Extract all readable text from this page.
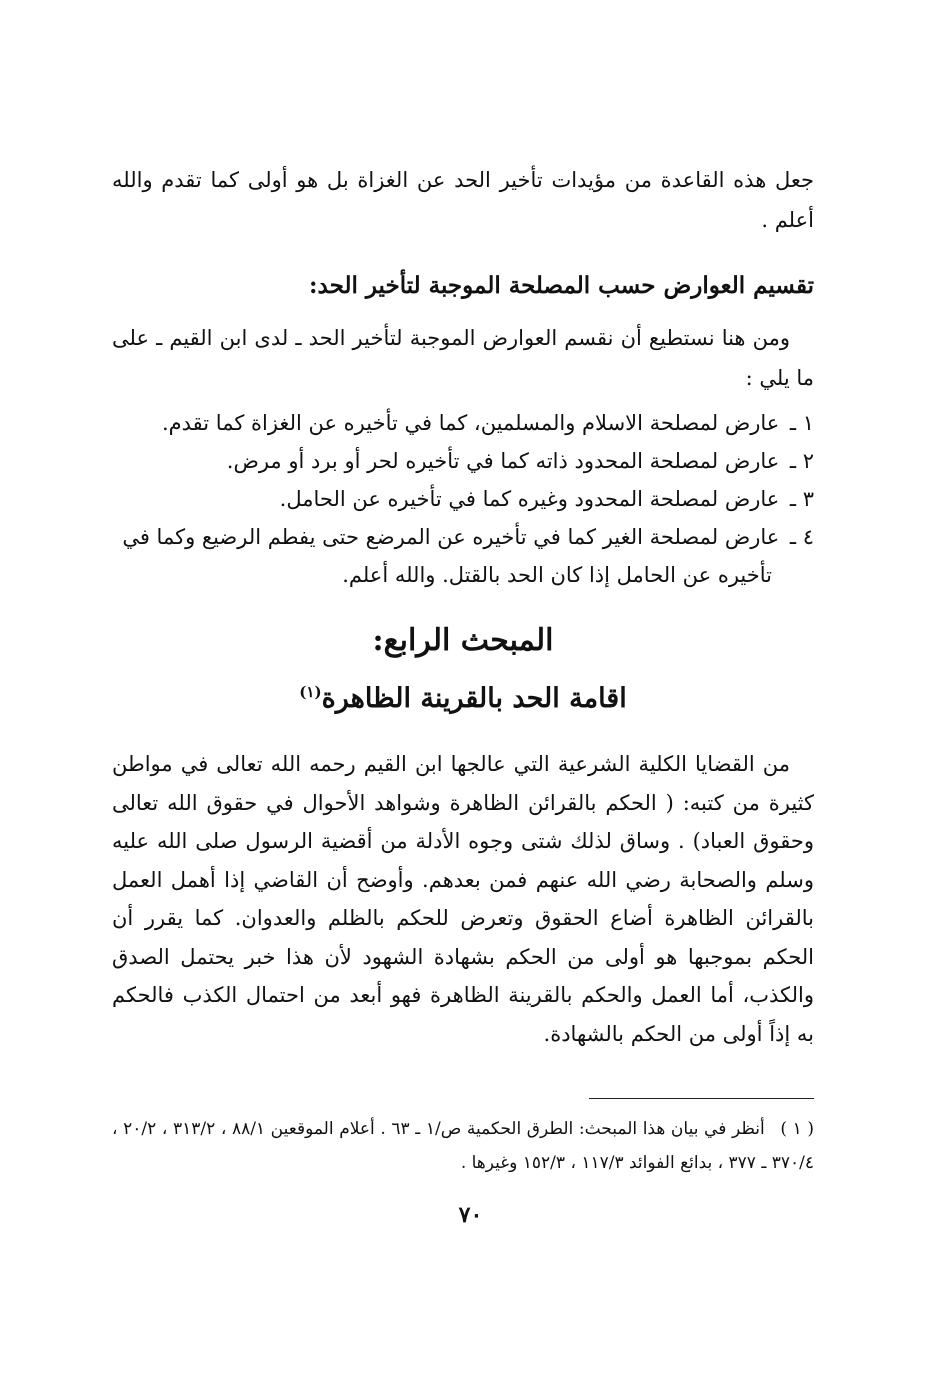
جعل هذه القاعدة من مؤيدات تأخير الحد عن الغزاة بل هو أولى كما تقدم والله أعلم .

تقسيم العوارض حسب المصلحة الموجبة لتأخير الحد:

ومن هنا نستطيع أن نقسم العوارض الموجبة لتأخير الحد ـ لدى ابن القيم ـ على ما يلي :

١ ـ عارض لمصلحة الاسلام والمسلمين، كما في تأخيره عن الغزاة كما تقدم.
٢ ـ عارض لمصلحة المحدود ذاته كما في تأخيره لحر أو برد أو مرض.
٣ ـ عارض لمصلحة المحدود وغيره كما في تأخيره عن الحامل.
٤ ـ عارض لمصلحة الغير كما في تأخيره عن المرضع حتى يفطم الرضيع وكما في
تأخيره عن الحامل إذا كان الحد بالقتل. والله أعلم.
المبحث الرابع:
اقامة الحد بالقرينة الظاهرة$^{(١)}$

من القضايا الكلية الشرعية التي عالجها ابن القيم رحمه الله تعالى في مواطن كثيرة من كتبه: ( الحكم بالقرائن الظاهرة وشواهد الأحوال في حقوق الله تعالى وحقوق العباد) . وساق لذلك شتى وجوه الأدلة من أقضية الرسول صلى الله عليه وسلم والصحابة رضي الله عنهم فمن بعدهم. وأوضح أن القاضي إذا أهمل العمل بالقرائن الظاهرة أضاع الحقوق وتعرض للحكم بالظلم والعدوان. كما يقرر أن الحكم بموجبها هو أولى من الحكم بشهادة الشهود لأن هذا خبر يحتمل الصدق والكذب، أما العمل والحكم بالقرينة الظاهرة فهو أبعد من احتمال الكذب فالحكم به إذاً أولى من الحكم بالشهادة.

( ١ ) أنظر في بيان هذا المبحث: الطرق الحكمية ص/١ ـ ٦٣ . أعلام الموقعين ٨٨/١ ، ٣١٣/٢ ، ٢٠/٢ ، ٣٧٠/٤ ـ ٣٧٧ ، بدائع الفوائد ١١٧/٣ ، ١٥٢/٣ وغيرها .
٧٠
